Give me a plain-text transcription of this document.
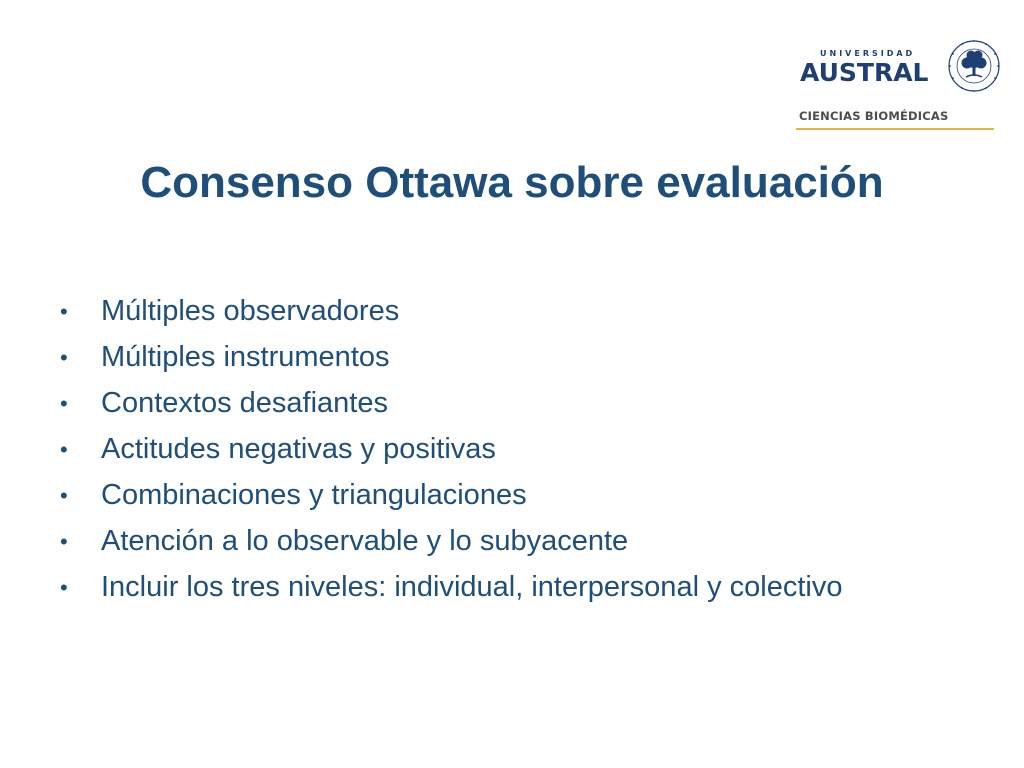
UNIVERSIDAD
AUSTRAL
CIENCIAS BIOMÉDICAS
Consenso Ottawa sobre evaluación
• Múltiples observadores
• Múltiples instrumentos
• Contextos desafiantes
• Actitudes negativas y positivas
• Combinaciones y triangulaciones
• Atención a lo observable y lo subyacente
• Incluir los tres niveles: individual, interpersonal y colectivo
